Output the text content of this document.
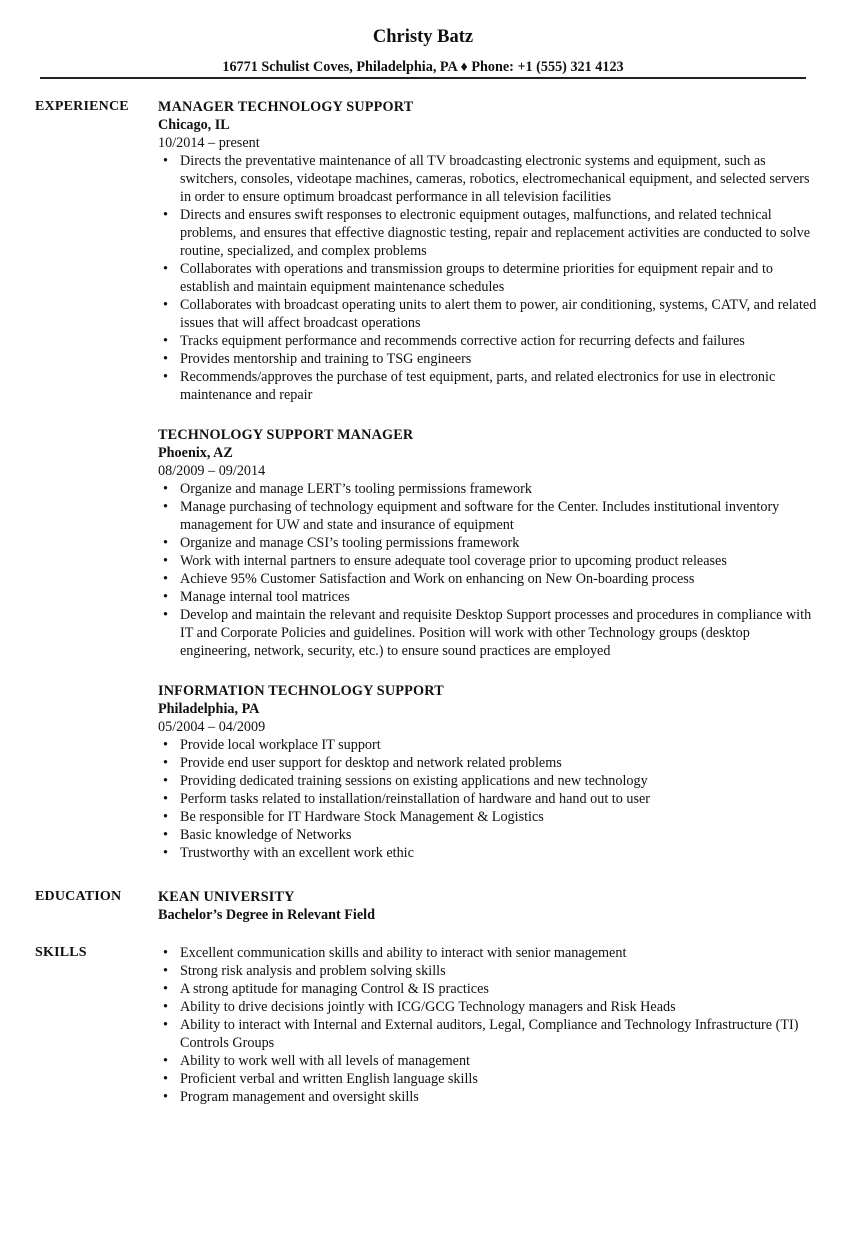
Christy Batz
16771 Schulist Coves, Philadelphia, PA ♦ Phone: +1 (555) 321 4123
EXPERIENCE MANAGER TECHNOLOGY SUPPORT
Chicago, IL
10/2014 – present
• Directs the preventative maintenance of all TV broadcasting electronic systems and equipment, such as switchers, consoles, videotape machines, cameras, robotics, electromechanical equipment, and selected servers in order to ensure optimum broadcast performance in all television facilities
• Directs and ensures swift responses to electronic equipment outages, malfunctions, and related technical problems, and ensures that effective diagnostic testing, repair and replacement activities are conducted to solve routine, specialized, and complex problems
• Collaborates with operations and transmission groups to determine priorities for equipment repair and to establish and maintain equipment maintenance schedules
• Collaborates with broadcast operating units to alert them to power, air conditioning, systems, CATV, and related issues that will affect broadcast operations
• Tracks equipment performance and recommends corrective action for recurring defects and failures
• Provides mentorship and training to TSG engineers
• Recommends/approves the purchase of test equipment, parts, and related electronics for use in electronic maintenance and repair
TECHNOLOGY SUPPORT MANAGER
Phoenix, AZ
08/2009 – 09/2014
• Organize and manage LERT’s tooling permissions framework
• Manage purchasing of technology equipment and software for the Center. Includes institutional inventory management for UW and state and insurance of equipment
• Organize and manage CSI’s tooling permissions framework
• Work with internal partners to ensure adequate tool coverage prior to upcoming product releases
• Achieve 95% Customer Satisfaction and Work on enhancing on New On-boarding process
• Manage internal tool matrices
• Develop and maintain the relevant and requisite Desktop Support processes and procedures in compliance with IT and Corporate Policies and guidelines. Position will work with other Technology groups (desktop engineering, network, security, etc.) to ensure sound practices are employed
INFORMATION TECHNOLOGY SUPPORT
Philadelphia, PA
05/2004 – 04/2009
• Provide local workplace IT support
• Provide end user support for desktop and network related problems
• Providing dedicated training sessions on existing applications and new technology
• Perform tasks related to installation/reinstallation of hardware and hand out to user
• Be responsible for IT Hardware Stock Management & Logistics
• Basic knowledge of Networks
• Trustworthy with an excellent work ethic
EDUCATION	KEAN UNIVERSITY
Bachelor’s Degree in Relevant Field
SKILLS
•	Excellent communication skills and ability to interact with senior management
• Strong risk analysis and problem solving skills
• A strong aptitude for managing Control & IS practices
• Ability to drive decisions jointly with ICG/GCG Technology managers and Risk Heads
• Ability to interact with Internal and External auditors, Legal, Compliance and Technology Infrastructure (TI) Controls Groups
• Ability to work well with all levels of management
• Proficient verbal and written English language skills
• Program management and oversight skills
